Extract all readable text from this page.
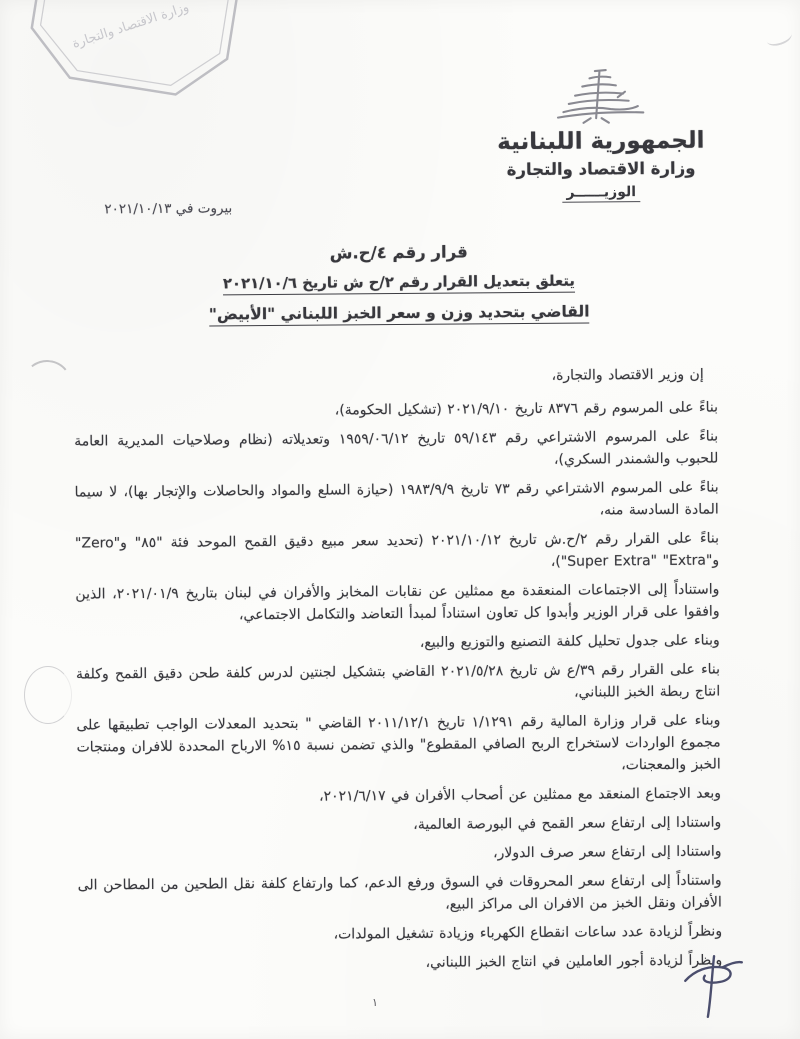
وزارة الاقتصاد والتجارة
الجمهورية اللبنانية
وزارة الاقتصاد والتجارة
الوزيــــــر
بيروت في ٢٠٢١/١٠/١٣
قرار رقم ٤/ح.ش
يتعلق بتعديل القرار رقم ٢/ح ش تاريخ ٢٠٢١/١٠/٦
القاضي بتحديد وزن و سعر الخبز اللبناني "الأبيض"

إن وزير الاقتصاد والتجارة،

بناءً على المرسوم رقم ٨٣٧٦ تاريخ ٢٠٢١/٩/١٠ (تشكيل الحكومة)،

بناءً على المرسوم الاشتراعي رقم ٥٩/١٤٣ تاريخ ١٩٥٩/٠٦/١٢ وتعديلاته (نظام وصلاحيات المديرية العامة للحبوب والشمندر السكري)،

بناءً على المرسوم الاشتراعي رقم ٧٣ تاريخ ١٩٨٣/٩/٩ (حيازة السلع والمواد والحاصلات والإتجار بها)، لا سيما المادة السادسة منه،

بناءً على القرار رقم ٢/ح.ش تاريخ ٢٠٢١/١٠/١٢ (تحديد سعر مبيع دقيق القمح الموحد فئة "٨٥" و"Zero" و"Super Extra" "Extra")،

واستناداً إلى الاجتماعات المنعقدة مع ممثلين عن نقابات المخابز والأفران في لبنان بتاريخ ٢٠٢١/٠١/٩، الذين وافقوا على قرار الوزير وأبدوا كل تعاون استناداً لمبدأ التعاضد والتكامل الاجتماعي،

وبناء على جدول تحليل كلفة التصنيع والتوزيع والبيع،

بناء على القرار رقم ٣٩/ع ش تاريخ ٢٠٢١/٥/٢٨ القاضي بتشكيل لجنتين لدرس كلفة طحن دقيق القمح وكلفة انتاج ربطة الخبز اللبناني،

وبناء على قرار وزارة المالية رقم ١/١٢٩١ تاريخ ٢٠١١/١٢/١ القاضي " بتحديد المعدلات الواجب تطبيقها على مجموع الواردات لاستخراج الربح الصافي المقطوع" والذي تضمن نسبة ١٥% الارباح المحددة للافران ومنتجات الخبز والمعجنات،

وبعد الاجتماع المنعقد مع ممثلين عن أصحاب الأفران في ٢٠٢١/٦/١٧،

واستنادا إلى ارتفاع سعر القمح في البورصة العالمية،

واستنادا إلى ارتفاع سعر صرف الدولار،

واستناداً إلى ارتفاع سعر المحروقات في السوق ورفع الدعم، كما وارتفاع كلفة نقل الطحين من المطاحن الى الأفران ونقل الخبز من الافران الى مراكز البيع،

ونظراً لزيادة عدد ساعات انقطاع الكهرباء وزيادة تشغيل المولدات،

ونظراً لزيادة أجور العاملين في انتاج الخبز اللبناني،

١
